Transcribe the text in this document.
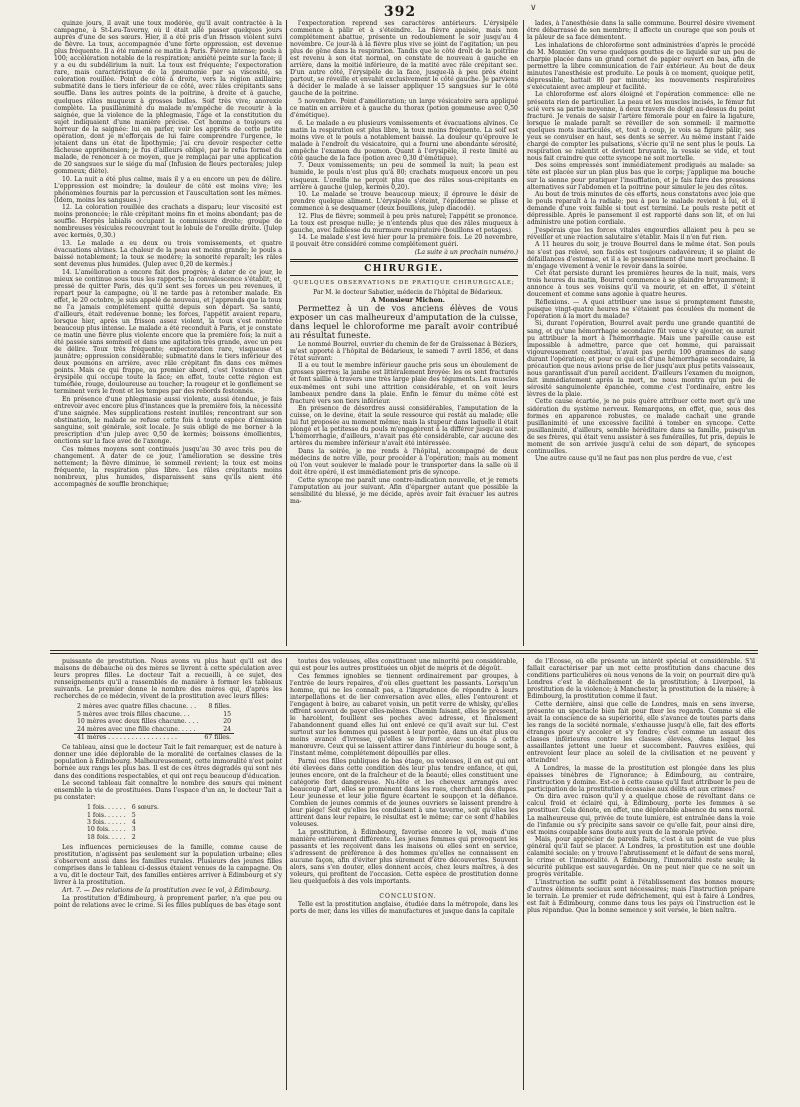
392

quinze jours, il avait une toux modérée, qu'il avait contractée à la campagne, à St-Leu-Taverny, où il était allé passer quelques jours auprès d'une de ses sœurs. Hier, il a été pris d'un frisson violent suivi de fièvre. La toux, accompagnée d'une forte oppression, est devenue plus fréquente. Il a été ramené ce matin à Paris. Fièvre intense; pouls à 100; accélération notable de la respiration; anxiété peinte sur la face; il y a eu du subdélirium la nuit. La toux est fréquente; l'expectoration rare, mais caractéristique de la pneumonie par sa viscosité, sa coloration rouillée. Point de côté à droite, vers la région axillaire; submatité dans le tiers inférieur de ce côté, avec râles crépitants sans souffle. Dans les autres points de la poitrine, à droite et à gauche, quelques râles muqueux à grosses bulles. Soif très vive; anorexie complète. La pusillanimité du malade m'empêche de recourir à la saignée, que la violence de la phlegmasie, l'âge et la constitution du sujet indiquaient d'une manière précise. Cet homme a toujours eu horreur de la saignée: lui en parler, voir les apprêts de cette petite opération, dont je m'efforçais de lui faire comprendre l'urgence, le jetaient dans un état de lipothymie; j'ai cru devoir respecter cette fâcheuse appréhension; je fus d'ailleurs obligé, par le refus formel du malade, de renoncer à ce moyen, que je remplaçai par une application de 20 sangsues sur le siége du mal (Infusion de fleurs pectorales; julep gommeux; diète).

10. La nuit a été plus calme, mais il y a eu encore un peu de délire. L'oppression est moindre; la douleur de côté est moins vive; les phénomènes fournis par la percussion et l'auscultation sont les mêmes. (Idem, moins les sangsues.)

12. La coloration rouillée des crachats a disparu; leur viscosité est moins prononcée; le râle crépitant moins fin et moins abondant; pas de souffle. Herpès labialis occupant la commissure droite; groupe de nombreuses vésicules recouvrant tout le lobule de l'oreille droite. (Julep avec kermès, 0,30.)

13. Le malade a eu deux ou trois vomissements, et quatre évacuations alvines. La chaleur de la peau est moins grande; le pouls a baissé notablement; la toux se modère; la sonorité reparaît; les râles sont devenus plus humides. (Julep avec 0,20 de kermès.)

14. L'amélioration a encore fait des progrès; à dater de ce jour, le mieux se continue sous tous les rapports; la convalescence s'établit; et, pressé de quitter Paris, dès qu'il sent ses forces un peu revenues, il repart pour la campagne, où il ne tarde pas à retomber malade. En effet, le 20 octobre, je suis appelé de nouveau, et j'apprends que la toux ne l'a jamais complétement quitté depuis son départ. Sa santé, d'ailleurs, était redevenue bonne; les forces, l'appétit avaient reparu, lorsque hier, après un frisson assez violent, la toux s'est montrée beaucoup plus intense. Le malade a été reconduit à Paris, et je constate ce matin une fièvre plus violente encore que la première fois; la nuit a été passée sans sommeil et dans une agitation très grande, avec un peu de délire. Toux très fréquente; expectoration rare, visqueuse et jaunâtre; oppression considérable; submatité dans le tiers inférieur des deux poumons en arrière, avec râle crépitant fin dans ces mêmes points. Mais ce qui frappe, au premier abord, c'est l'existence d'un érysipèle qui occupe toute la face; en effet, toute cette région est tuméfiée, rouge, douloureuse au toucher; la rougeur et le gonflement se terminent vers le front et les tempes par des rebords festonnés.

En présence d'une phlegmasie aussi violente, aussi étendue, je fais entrevoir avec encore plus d'instances que la première fois, la nécessité d'une saignée. Mes supplications restent inutiles; rencontrant sur son obstination, le malade se refuse cette fois à toute espèce d'émission sanguine, soit générale, soit locale. Je suis obligé de me borner à la prescription d'un julep avec 0,50 de kermès; boissons émollientes, onctions sur la face avec de l'axonge.

Ces mêmes moyens sont continués jusqu'au 30 avec très peu de changement. A dater de ce jour, l'amélioration se dessine très nettement; la fièvre diminue, le sommeil revient; la toux est moins fréquente, la respiration plus libre. Les râles crépitants moins nombreux, plus humides, disparaissent sans qu'ils aient été accompagnés de souffle bronchique;

l'expectoration reprend ses caractères antérieurs. L'érysipèle commence à pâlir et à s'éteindre. La fièvre apaisée, mais non complétement abattue, présente un redoublement le soir jusqu'au 4 novembre. Ce jour-là à la fièvre plus vive se joint de l'agitation; un peu plus de gêne dans la respiration. Tandis que le côté droit de la poitrine est revenu à son état normal, on constate de nouveau à gauche en arrière, dans la moitié inférieure, de la matité avec râle crépitant sec. D'un autre côté, l'érysipèle de la face, jusque-là à peu près éteint partout, se réveille et envahit exclusivement le côté gauche. Je parviens à décider le malade à se laisser appliquer 15 sangsues sur le côté gauche de la poitrine.

5 novembre. Point d'amélioration; un large vésicatoire sera appliqué ce matin en arrière et à gauche du thorax (potion gommeuse avec 0,50 d'émétique).

6. Le malade a eu plusieurs vomissements et évacuations alvines. Ce matin la respiration est plus libre, la toux moins fréquente. La soif est moins vive et le pouls a notablement baissé. La douleur qu'éprouve le malade à l'endroit du vésicatoire, qui a fourni une abondante sérosité, empêche l'examen du poumon. Quant à l'érysipèle, il reste limité au côté gauche de la face (potion avec 0,30 d'émétique).

7. Deux vomissements; un peu de sommeil la nuit; la peau est humide, le pouls n'est plus qu'à 80; crachats muqueux encore un peu visqueux. L'oreille ne perçoit plus que des râles sous-crépitants en arrière à gauche (julep, kermès 0,20).

10. Le malade se trouve beaucoup mieux; il éprouve le désir de prendre quelque aliment. L'érysipèle s'éteint, l'épiderme se plisse et commence à se desquamer (deux bouillons, julep diacodé).

12. Plus de fièvre; sommeil à peu près naturel; l'appétit se prononce. La toux est presque nulle; je n'entends plus que des râles muqueux à gauche, avec faiblesse du murmure respiratoire (bouillons et potages).

14. Le malade s'est levé hier pour la première fois. Le 20 novembre, il pouvait être considéré comme complétement guéri.

(La suite à un prochain numéro.)

CHIRURGIE.
QUELQUES OBSERVATIONS DE PRATIQUE CHIRURGICALE;

Par M. le docteur Sabatier, médecin de l'hôpital de Bédarieux.

A Monsieur Michon.

Permettez à un de vos anciens élèves de vous exposer un cas malheureux d'amputation de la cuisse, dans lequel le chloroforme me paraît avoir contribué au résultat funeste.

Le nommé Bourrel, ouvrier du chemin de fer de Graissenac à Béziers, m'est apporté à l'hôpital de Bédarieux, le samedi 7 avril 1856, et dans l'état suivant:

Il a eu tout le membre inférieur gauche pris sous un éboulement de grosses pierres; la jambe est littéralement broyée: les os sont fracturés et font saillie à travers une très large plaie des téguments. Les muscles eux-mêmes ont subi une attrition considérable, et on voit leurs lambeaux pendre dans la plaie. Enfin le fémur du même côté est fracturé vers son tiers inférieur.

En présence de désordres aussi considérables, l'amputation de la cuisse, on le devine, était la seule ressource qui restât au malade; elle lui fut proposée au moment même; mais la stupeur dans laquelle il était plongé et la petitesse du pouls m'engagèrent à la différer jusqu'au soir. L'hémorrhagie, d'ailleurs, n'avait pas été considérable, car aucune des artères du membre inférieur n'avait été intéressée.

Dans la soirée, je me rends à l'hôpital, accompagné de deux médecins de notre ville, pour procéder à l'opération; mais au moment où l'on veut soulever le malade pour le transporter dans la salle où il doit être opéré, il est immédiatement pris de syncope.

Cette syncope me paraît une contre-indication nouvelle, et je remets l'amputation au jour suivant. Afin d'épargner autant que possible la sensibilité du blessé, je me décide, après avoir fait évacuer les autres ma-

lades, à l'anesthésie dans la salle commune. Bourrel désire vivement être débarrassé de son membre; il affecte un courage que son pouls et la pâleur de sa face démentent.

Les inhalations de chloroforme sont administrées d'après le procédé de M. Monnier. On verse quelques gouttes de ce liquide sur un peu de charpie placée dans un grand cornet de papier ouvert en bas, afin de permettre la libre communication de l'air extérieur. Au bout de deux minutes l'anesthésie est produite. Le pouls à ce moment, quoique petit, dépressible, battait 80 par minute; les mouvements respiratoires s'exécutaient avec ampleur et facilité.

Le chloroforme est alors éloigné et l'opération commence: elle ne présenta rien de particulier. La peau et les muscles incisés, le fémur fut scié vers sa partie moyenne, à deux travers de doigt au-dessus du point fracturé. Je venais de saisir l'artère fémorale pour en faire la ligature, lorsque le malade paraît se réveiller de son sommeil: il marmotte quelques mots inarticulés, et, tout à coup, je vois sa figure pâlir, ses yeux se convulser en haut, ses dents se serrer. Au même instant l'aide chargé de compter les pulsations, s'écrie qu'il ne sent plus le pouls. La respiration se ralentit et devient bruyante, la vessie se vide, et tout nous fait craindre que cette syncope ne soit mortelle.

Des soins empressés sont immédiatement prodigués au malade: sa tête est placée sur un plan plus bas que le corps; j'applique ma bouche sur la sienne pour pratiquer l'insufflation, et je fais faire des pressions alternatives sur l'abdomen et la poitrine pour simuler le jeu des côtes.

Au bout de trois minutes de ces efforts, nous constatons avec joie que le pouls reparaît à la radiale; peu à peu le malade revient à lui, et il demande d'une voix faible si tout est terminé. Le pouls reste petit et dépressible. Après le pansement il est rapporté dans son lit, et on lui administre une potion cordiale.

J'espérais que les forces vitales engourdies allaient peu à peu se réveiller et une réaction salutaire s'établir. Mais il n'en fut rien.

A 11 heures du soir, je trouve Bourrel dans le même état. Son pouls ne s'est pas relevé, son faciès est toujours cadavéreux; il se plaint de défaillances d'estomac, et il a le pressentiment d'une mort prochaine. Il m'engage vivement à venir le revoir dans la soirée.

Cet état persiste durant les premières heures de la nuit, mais, vers trois heures du matin, Bourrel commence à se plaindre bruyamment; il annonce à tous ses voisins qu'il va mourir, et en effet, il s'éteint doucement et comme sans agonie à quatre heures.

Réflexions. — A quoi attribuer une issue si promptement funeste, puisque vingt-quatre heures ne s'étaient pas écoulées du moment de l'opération à la mort du malade?

Si, durant l'opération, Bourrel avait perdu une grande quantité de sang, et qu'une hémorrhagie secondaire fût venue s'y ajouter, on aurait pu attribuer la mort à l'hémorrhagie. Mais une pareille cause est impossible à admettre, parce que cet homme, qui paraissait vigoureusement constitué, n'avait pas perdu 100 grammes de sang durant l'opération; et pour ce qui est d'une hémorrhagie secondaire, la précaution que nous avions prise de lier jusqu'aux plus petits vaisseaux, nous garantissait d'un pareil accident. D'ailleurs l'examen du moignon, fait immédiatement après la mort, ne nous montra qu'un peu de sérosité sanguinolente épanchée, comme c'est l'ordinaire, entre les lèvres de la plaie.

Cette cause écartée, je ne puis guère attribuer cette mort qu'à une sidération du système nerveux. Remarquons, en effet, que, sous des formes en apparence robustes, ce malade cachait une grande pusillanimité et une excessive facilité à tomber en syncope. Cette pusillanimité, d'ailleurs, semble héréditaire dans sa famille, puisqu'un de ses frères, qui était venu assister à ses funérailles, fut pris, depuis le moment de son arrivée jusqu'à celui de son départ, de syncopes continuelles.

Une autre cause qu'il ne faut pas non plus perdre de vue, c'est

puissante de prostitution. Nous avons vu plus haut qu'il est des maisons de débauche où des mères se livrent à cette spéculation avec leurs propres filles. Le docteur Tait a recueilli, à ce sujet, des renseignements qu'il a rassemblés de manière à former les tableaux suivants. Le premier donne le nombre des mères qui, d'après les recherches de ce médecin, vivent de la prostitution avec leurs filles:

2 mères avec quatre filles chacune. . .	8 filles.
5 mères avec trois filles chacune. . .	15
10 mères avec deux filles chacune. . . .	20
24 mères avec une fille chacune. . . . .	24
41 mères . . . . . . . . . . . . . . . . . .	67 filles.

Ce tableau, ainsi que le docteur Tait le fait remarquer, est de nature à donner une idée déplorable de la moralité de certaines classes de la population à Édimbourg. Malheureusement, cette immoralité n'est point bornée aux rangs les plus bas. Il est de ces êtres dégradés qui sont nés dans des conditions respectables, et qui ont reçu beaucoup d'éducation.

Le second tableau fait connaître le nombre des sœurs qui mènent ensemble la vie de prostituées. Dans l'espace d'un an, le docteur Tait a pu constater:

1 fois. . . . . .	6 sœurs.
1 fois. . . . . .	5
3 fois. . . . . .	4
10 fois. . . . .	3
18 fois. . . . .	2

Les influences pernicieuses de la famille, comme cause de prostitution, n'agissent pas seulement sur la population urbaine; elles s'observent aussi dans les familles rurales. Plusieurs des jeunes filles comprises dans le tableau ci-dessus étaient venues de la campagne. On a vu, dit le docteur Tait, des familles entières arriver à Édimbourg et s'y livrer à la prostitution.

Art. 7. — Des relations de la prostitution avec le vol, à Édimbourg.

La prostitution d'Édimbourg, à proprement parler, n'a que peu ou point de relations avec le crime. Si les filles publiques de bas étage sont

toutes des voleuses, elles constituent une minorité peu considérable, qui est pour les autres prostituées un objet de mépris et de dégoût.

Ces femmes ignobles se tiennent ordinairement par groupes, à l'entrée de leurs repaires, d'où elles guettent les passants. Lorsqu'un homme, qui ne les connaît pas, a l'imprudence de répondre à leurs interpellations et de lier conversation avec elles, elles l'entourent et l'engagent à boire, au cabaret voisin, un petit verre de whisky, qu'elles offrent souvent de payer elles-mêmes. Chemin faisant, elles le pressent, le harcèlent, fouillent ses poches avec adresse, et finalement l'abandonnent quand elles lui ont enlevé ce qu'il avait sur lui. C'est surtout sur les hommes qui passent à leur portée, dans un état plus ou moins avancé d'ivresse, qu'elles se livrent avec succès à cette manœuvre. Ceux qui se laissent attirer dans l'intérieur du bouge sont, à l'instant même, complétement dépouillés par elles.

Parmi ces filles publiques de bas étage, ou voleuses, il en est qui ont été élevées dans cette condition dès leur plus tendre enfance, et qui, jeunes encore, ont de la fraîcheur et de la beauté; elles constituent une catégorie fort dangereuse. Nu-tête et les cheveux arrangés avec beaucoup d'art, elles se promènent dans les rues, cherchant des dupes. Leur jeunesse et leur jolie figure écartent le soupçon et la défiance. Combien de jeunes commis et de jeunes ouvriers se laissent prendre à leur piége! Soit qu'elles les conduisent à une taverne, soit qu'elles les attirent dans leur repaire, le résultat est le même; car ce sont d'habiles voleuses.

La prostitution, à Édimbourg, favorise encore le vol, mais d'une manière entièrement différente. Les jeunes femmes qui provoquent les passants et les reçoivent dans les maisons où elles sont en service, s'adressent de préférence à des hommes qu'elles ne connaissent en aucune façon, afin d'éviter plus sûrement d'être découvertes. Souvent alors, sans s'en douter, elles donnent accès, chez leurs maîtres, à des voleurs, qui profitent de l'occasion. Cette espèce de prostitution donne lieu quelquefois à des vols importants.

CONCLUSION.

Telle est la prostitution anglaise, étudiée dans la métropole, dans les ports de mer, dans les villes de manufactures et jusque dans la capitale

de l'Écosse, où elle présente un intérêt spécial et considérable. S'il fallait caractériser par un mot cette prostitution dans chacune des conditions particulières où nous venons de la voir, on pourrait dire qu'à Londres c'est le déchaînement de la prostitution; à Liverpool, la prostitution de la violence; à Manchester, la prostitution de la misère; à Édimbourg, la prostitution comme il faut.

Cette dernière, ainsi que celle de Londres, mais en sens inverse, présente un spectacle bien fait pour fixer les regards. Comme si elle avait la conscience de sa supériorité, elle s'avance de toutes parts dans les rangs de la société normale, s'exhausse jusqu'à elle, fait des efforts étranges pour s'y accoler et s'y fondre; c'est comme un assaut des classes inférieures contre les classes élevées, dans lequel les assaillantes jettent une lueur et succombent. Pauvres exilées, qui entrevoient leur place au soleil de la civilisation et ne peuvent y atteindre!

A Londres, la masse de la prostitution est plongée dans les plus épaisses ténèbres de l'ignorance; à Édimbourg, au contraire, l'instruction y domine. Est-ce à cette cause qu'il faut attribuer le peu de participation de la prostitution écossaise aux délits et aux crimes?

On dira avec raison qu'il y a quelque chose de révoltant dans ce calcul froid et éclairé qui, à Édimbourg, porte les femmes à se prostituer. Cela dénote, en effet, une déplorable absence du sens moral. La malheureuse qui, privée de toute lumière, est entraînée dans la voie de l'infamie ou s'y précipite sans savoir ce qu'elle fait, pour ainsi dire, est moins coupable sans doute aux yeux de la morale privée.

Mais, pour apprécier de pareils faits, c'est à un point de vue plus général qu'il faut se placer. A Londres, la prostitution est une double calamité sociale: on y trouve l'abrutissement et le défaut de sens moral, le crime et l'immoralité. A Édimbourg, l'immoralité reste seule; la sécurité publique est sauvegardée. On ne peut nier que ce ne soit un progrès véritable.

L'instruction ne suffit point à l'établissement des bonnes mœurs; d'autres éléments sociaux sont nécessaires; mais l'instruction prépare le terrain. Le premier et rude défrichement, qui est à faire à Londres, est fait à Édimbourg, comme dans tous les pays où l'instruction est le plus répandue. Que la bonne semence y soit versée, le bien naîtra.

∨
